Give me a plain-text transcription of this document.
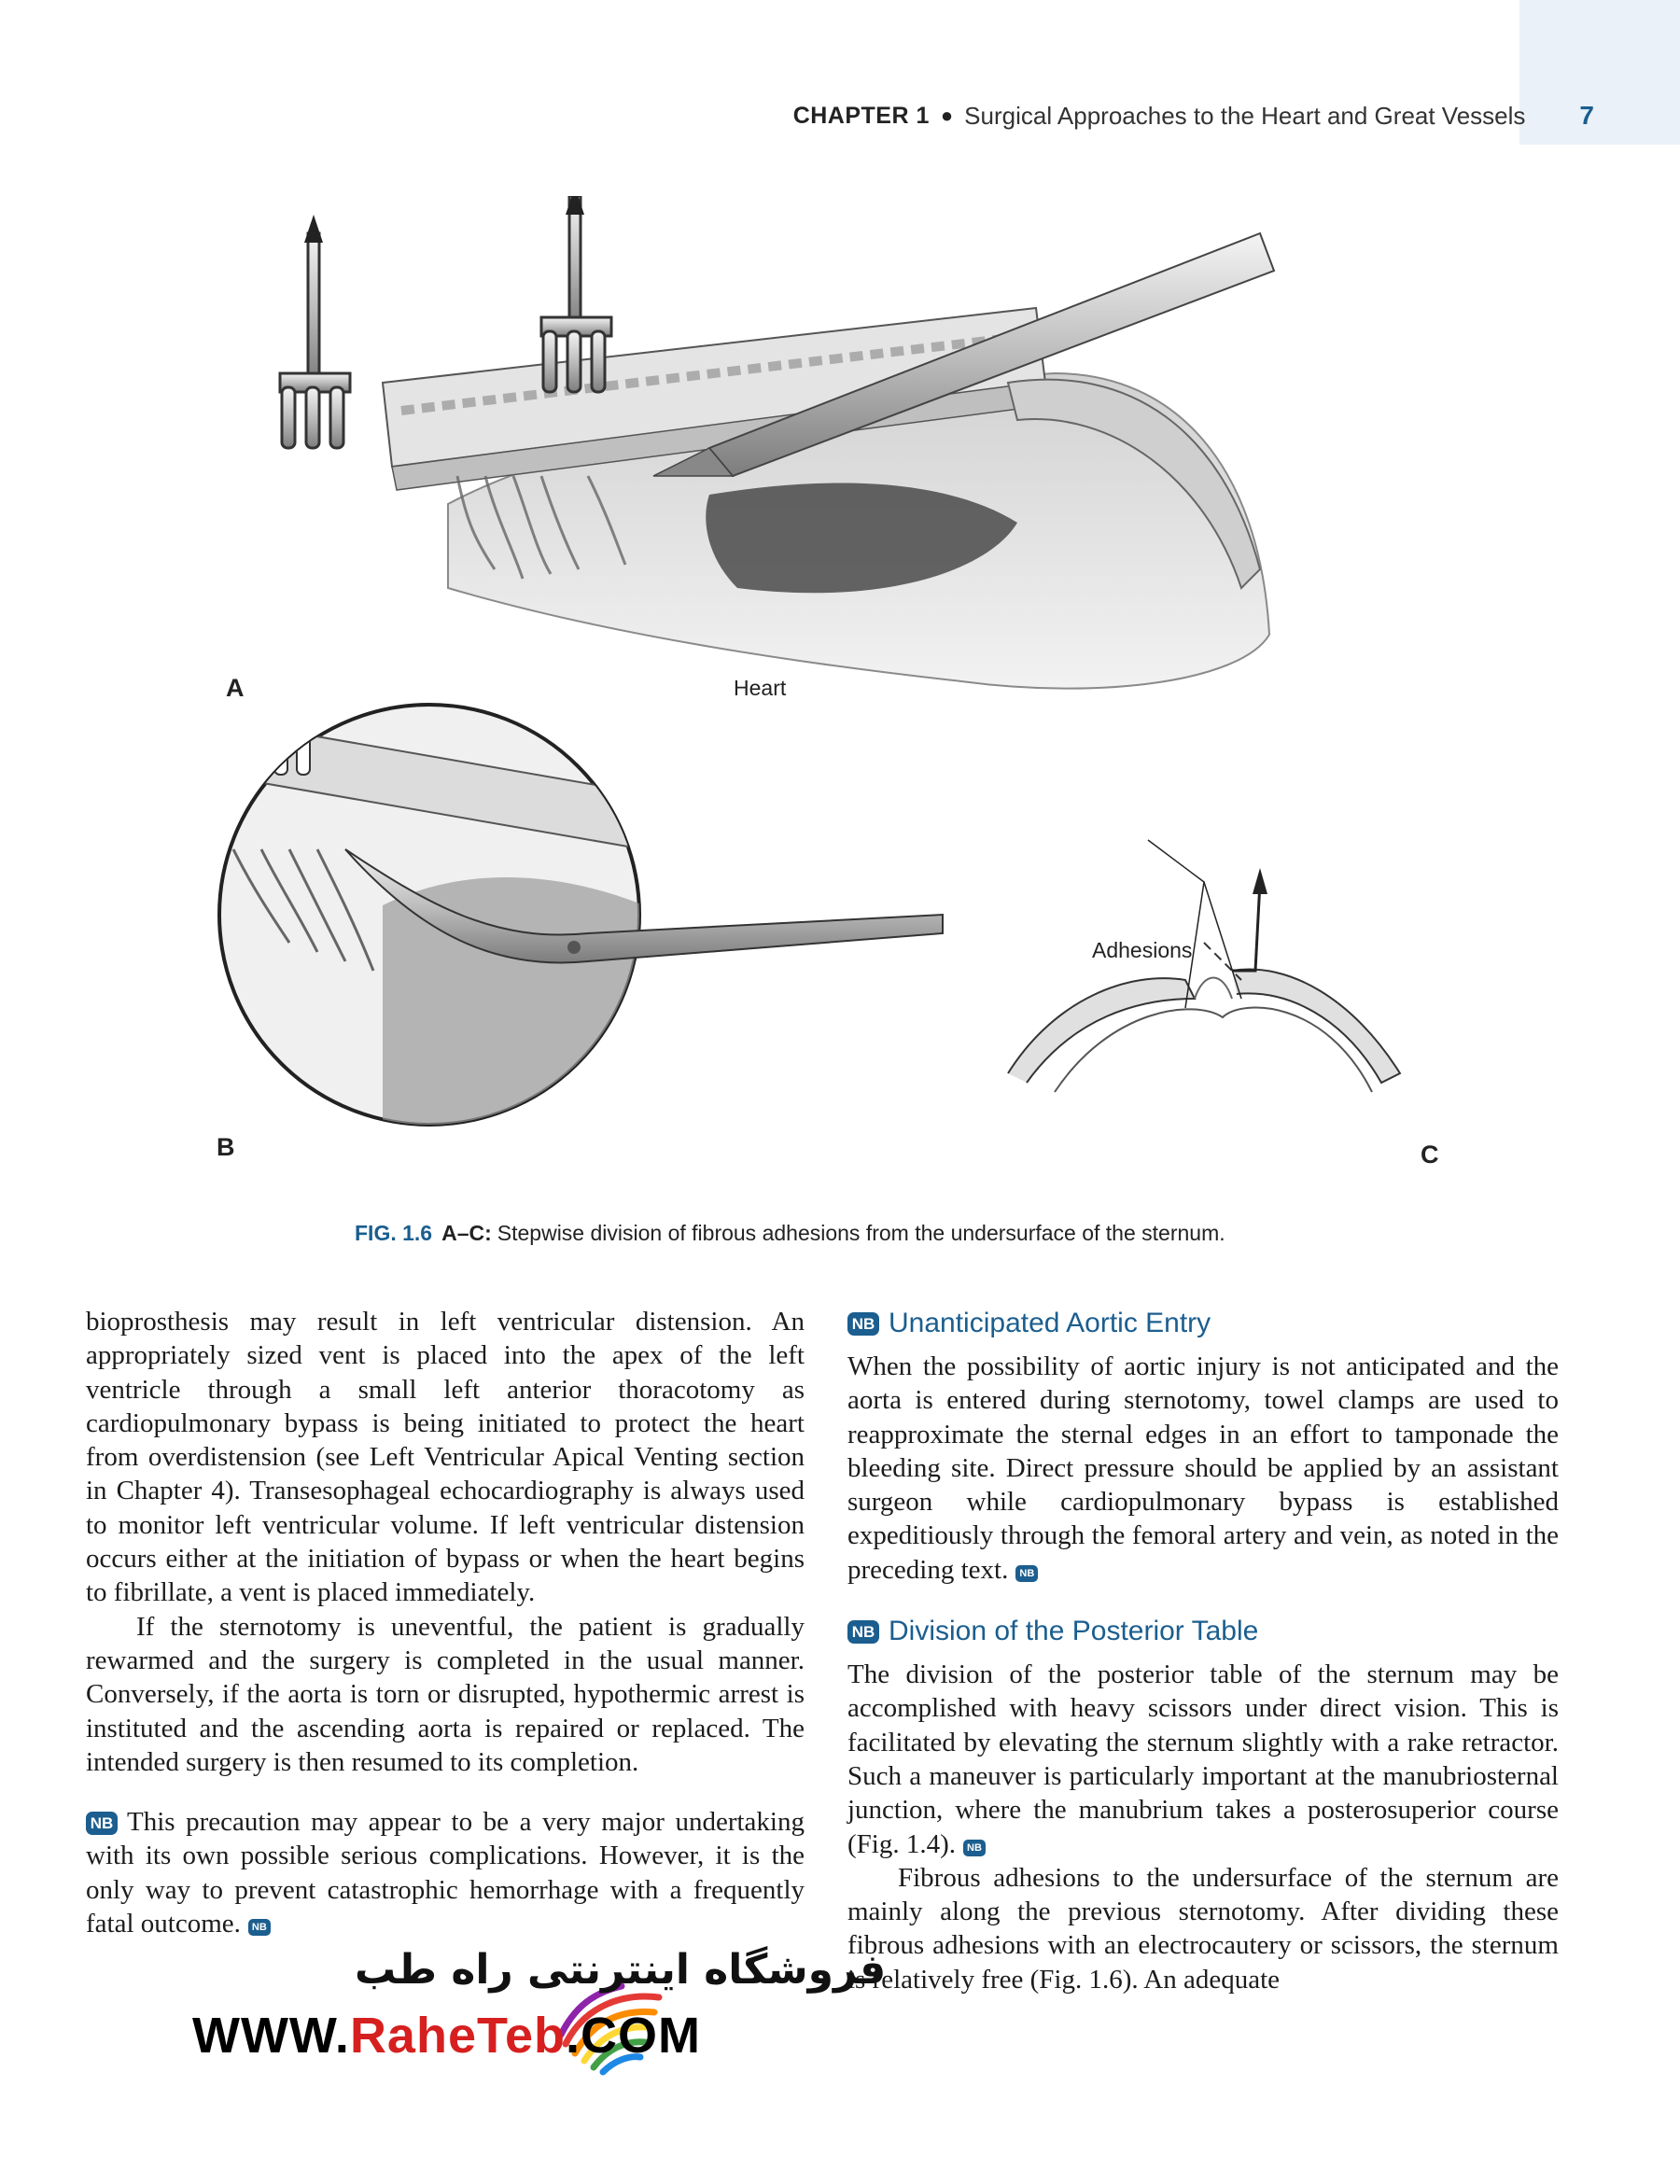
CHAPTER 1 ● Surgical Approaches to the Heart and Great Vessels 7
A	Heart
B
Adhesions
C
FIG. 1.6 A–C: Stepwise division of fibrous adhesions from the undersurface of the sternum.

bioprosthesis may result in left ventricular distension. An appropriately sized vent is placed into the apex of the left ventricle through a small left anterior thoracotomy as cardiopulmonary bypass is being initiated to protect the heart from overdistension (see Left Ventricular Apical Venting section in Chapter 4). Transesophageal echocardiography is always used to monitor left ventricular volume. If left ventricular distension occurs either at the initiation of bypass or when the heart begins to fibrillate, a vent is placed immediately.

If the sternotomy is uneventful, the patient is gradually rewarmed and the surgery is completed in the usual manner. Conversely, if the aorta is torn or disrupted, hypothermic arrest is instituted and the ascending aorta is repaired or replaced. The intended surgery is then resumed to its completion.

NB This precaution may appear to be a very major undertaking with its own possible serious complications. However, it is the only way to prevent catastrophic hemorrhage with a frequently fatal outcome. NB

NB Unanticipated Aortic Entry

When the possibility of aortic injury is not anticipated and the aorta is entered during sternotomy, towel clamps are used to reapproximate the sternal edges in an effort to tamponade the bleeding site. Direct pressure should be applied by an assistant surgeon while cardiopulmonary bypass is established expeditiously through the femoral artery and vein, as noted in the preceding text. NB

NB Division of the Posterior Table

The division of the posterior table of the sternum may be accomplished with heavy scissors under direct vision. This is facilitated by elevating the sternum slightly with a rake retractor. Such a maneuver is particularly important at the manubriosternal junction, where the manubrium takes a posterosuperior course (Fig. 1.4). NB

Fibrous adhesions to the undersurface of the sternum are mainly along the previous sternotomy. After dividing these fibrous adhesions with an electrocautery or scissors, the sternum is relatively free (Fig. 1.6). An adequate

فروشگاه اینترنتی راه طب
WWW.RaheTeb.COM
